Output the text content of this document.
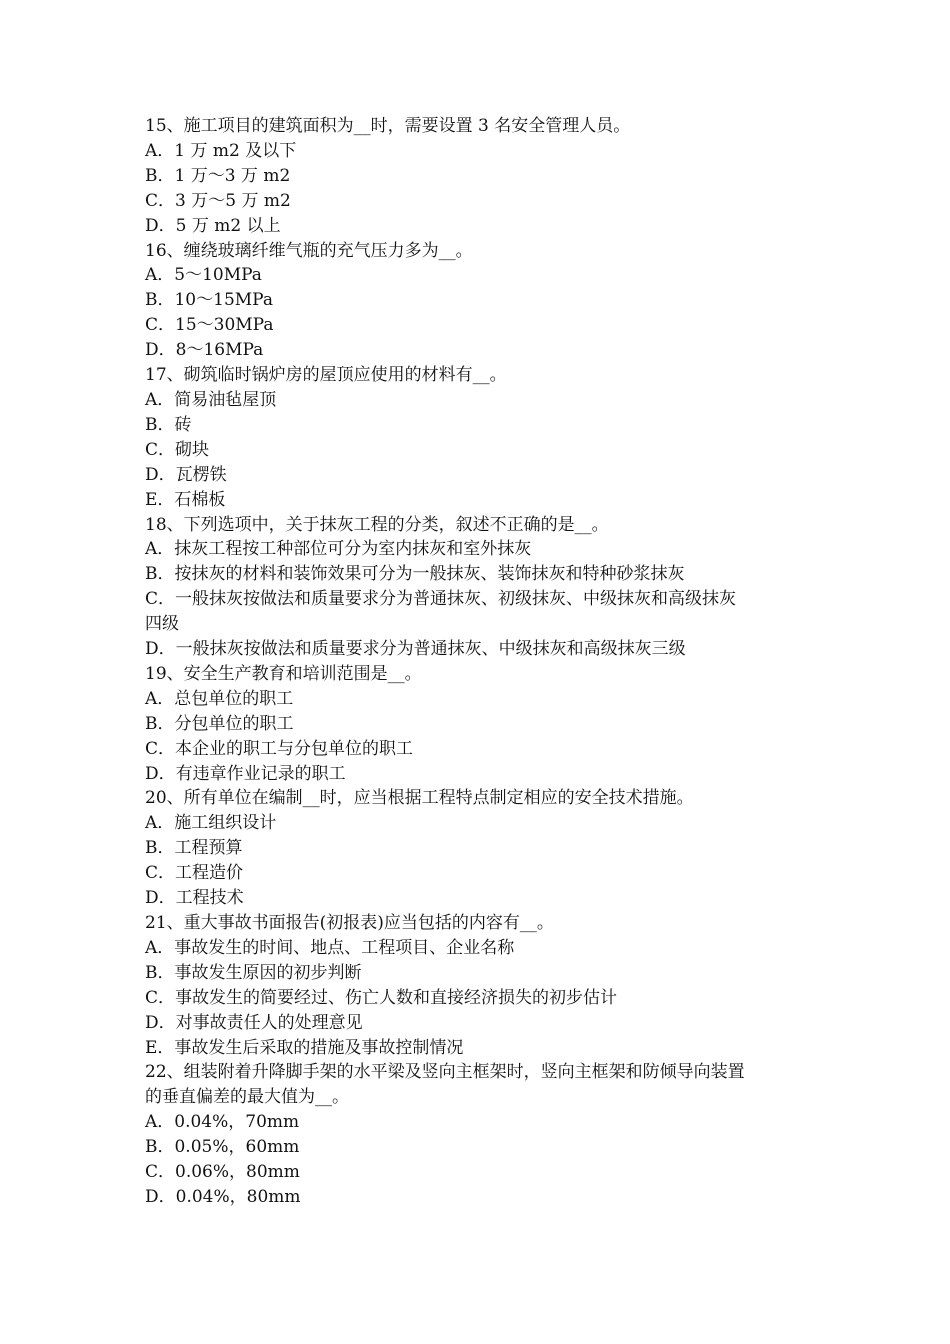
15、施工项目的建筑面积为__时，需要设置 3 名安全管理人员。
A．1 万 m2 及以下
B．1 万～3 万 m2
C．3 万～5 万 m2
D．5 万 m2 以上
16、缠绕玻璃纤维气瓶的充气压力多为__。
A．5～10MPa
B．10～15MPa
C．15～30MPa
D．8～16MPa
17、砌筑临时锅炉房的屋顶应使用的材料有__。
A．简易油毡屋顶
B．砖
C．砌块
D．瓦楞铁
E．石棉板
18、下列选项中，关于抹灰工程的分类，叙述不正确的是__。
A．抹灰工程按工种部位可分为室内抹灰和室外抹灰
B．按抹灰的材料和装饰效果可分为一般抹灰、装饰抹灰和特种砂浆抹灰
C．一般抹灰按做法和质量要求分为普通抹灰、初级抹灰、中级抹灰和高级抹灰
四级
D．一般抹灰按做法和质量要求分为普通抹灰、中级抹灰和高级抹灰三级
19、安全生产教育和培训范围是__。
A．总包单位的职工
B．分包单位的职工
C．本企业的职工与分包单位的职工
D．有违章作业记录的职工
20、所有单位在编制__时，应当根据工程特点制定相应的安全技术措施。
A．施工组织设计
B．工程预算
C．工程造价
D．工程技术
21、重大事故书面报告(初报表)应当包括的内容有__。
A．事故发生的时间、地点、工程项目、企业名称
B．事故发生原因的初步判断
C．事故发生的简要经过、伤亡人数和直接经济损失的初步估计
D．对事故责任人的处理意见
E．事故发生后采取的措施及事故控制情况
22、组装附着升降脚手架的水平梁及竖向主框架时，竖向主框架和防倾导向装置
的垂直偏差的最大值为__。
A．0.04%，70mm
B．0.05%，60mm
C．0.06%，80mm
D．0.04%，80mm
